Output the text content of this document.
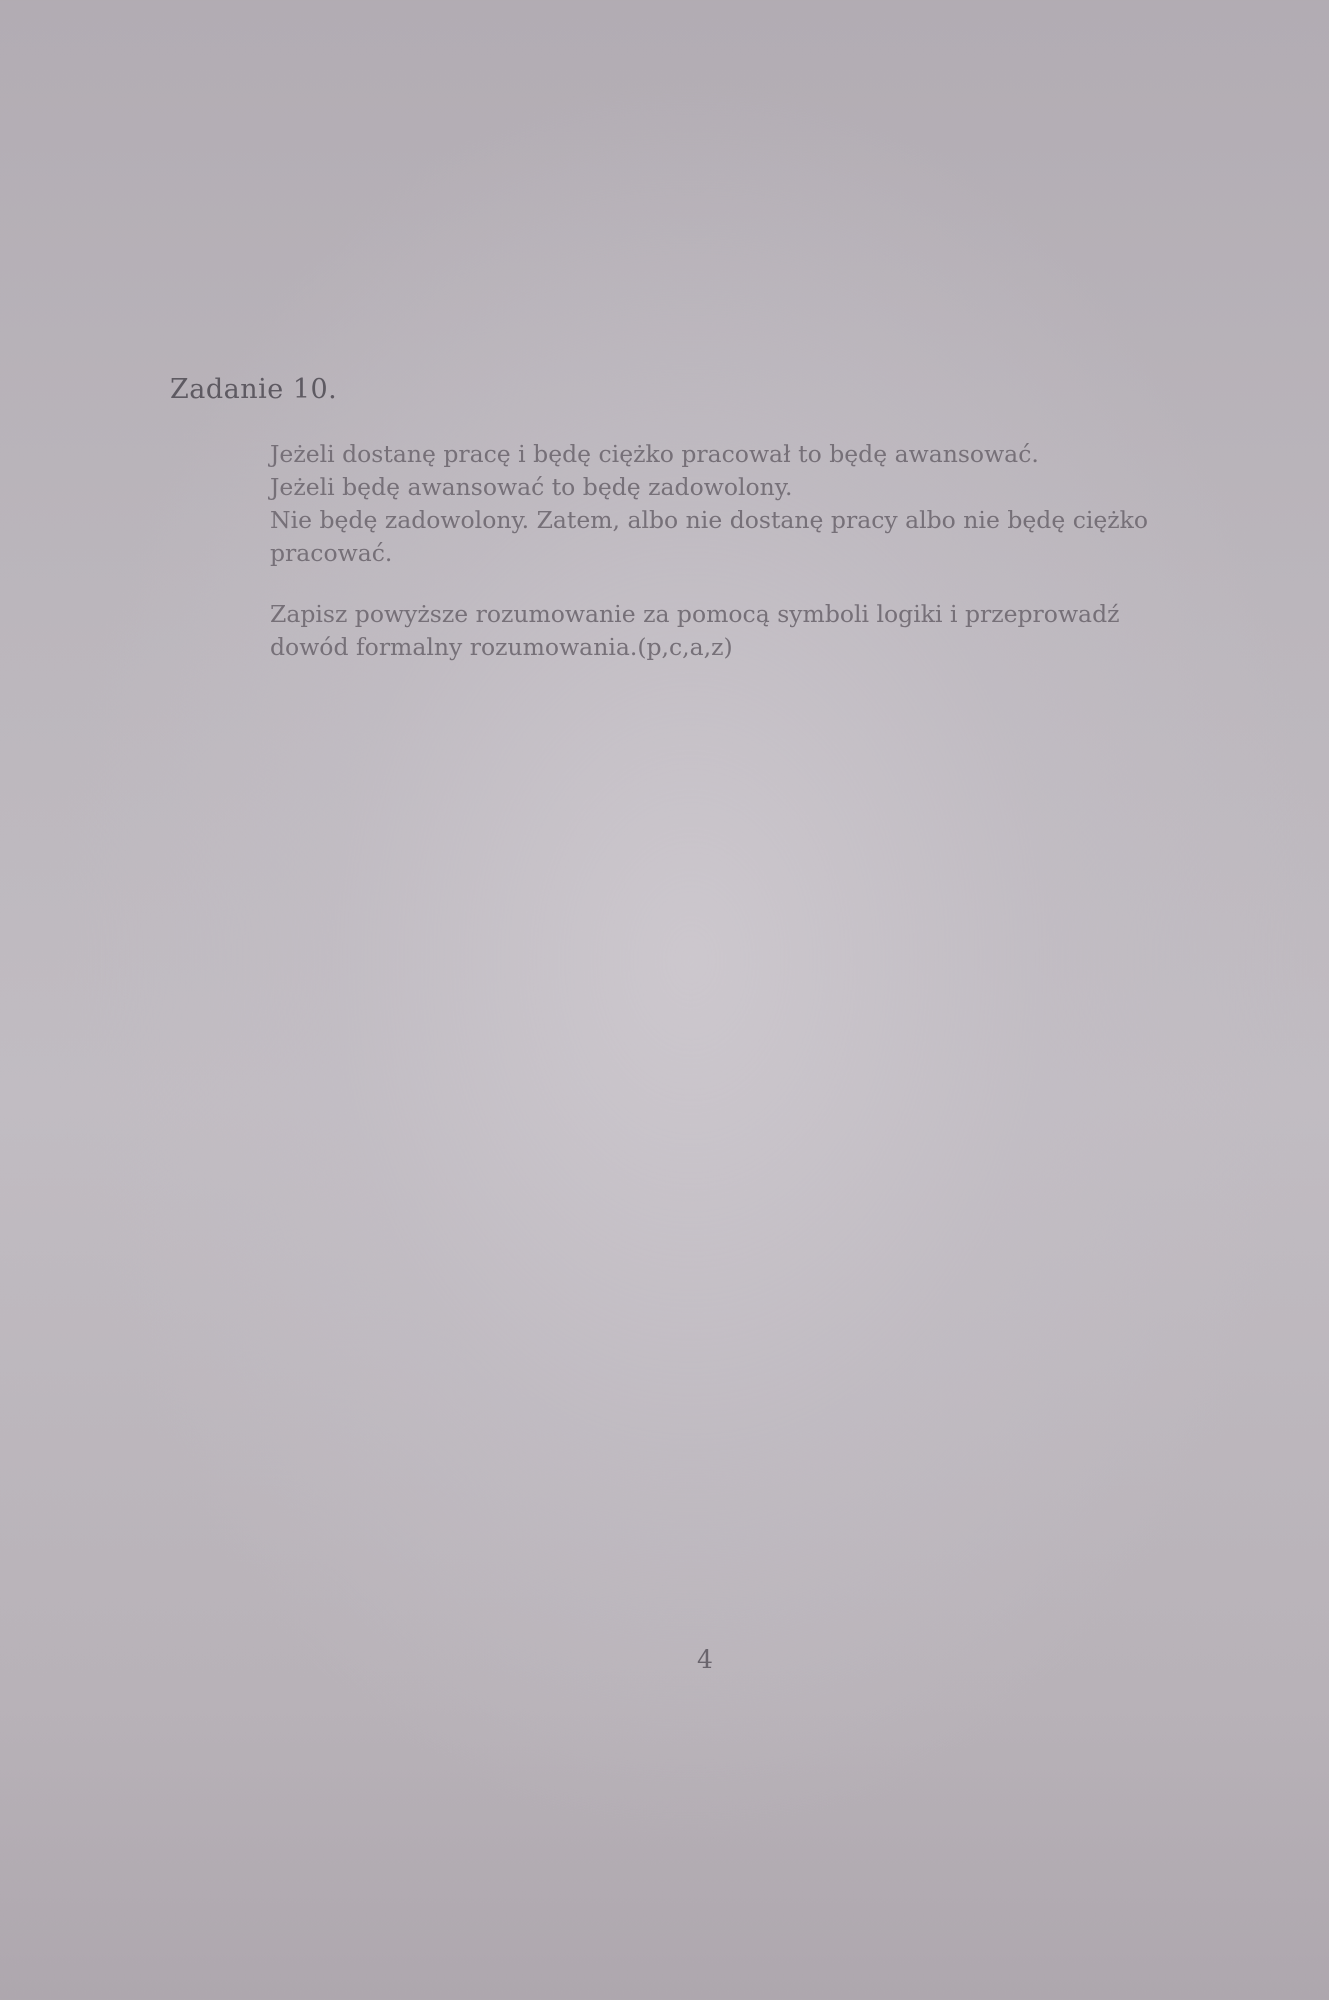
Zadanie 10.

Jeżeli dostanę pracę i będę ciężko pracował to będę awansować.

Jeżeli będę awansować to będę zadowolony.

Nie będę zadowolony. Zatem, albo nie dostanę pracy albo nie będę ciężko pracować.

Zapisz powyższe rozumowanie za pomocą symboli logiki i przeprowadź dowód formalny rozumowania.(p,c,a,z)

4
